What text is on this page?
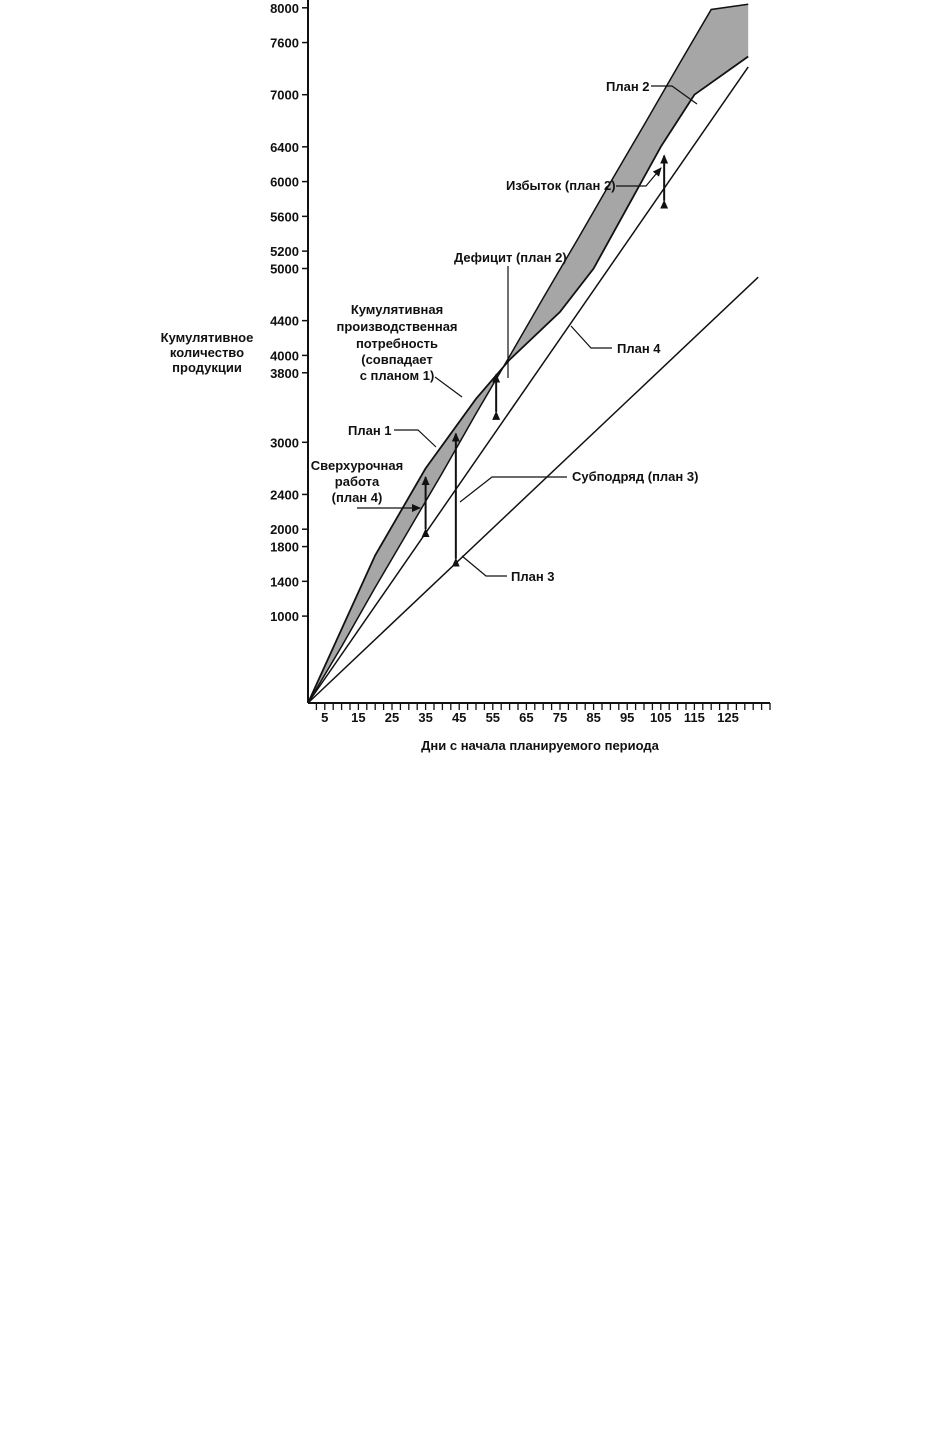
1000
1400
1800
2000
2400
3000
3800
4000
4400
5000
5200
5600
6000
6400
7000
7600
8000
5 15 25 35 45 55 65 75 85 95 105 115 125
Кумулятивное
количество
продукции
Дни с начала планируемого периода
План 2
Избыток (план 2)
Дефицит (план 2)
Кумулятивная
производственная
потребность
(совпадает
с планом 1)
План 4
План 1
Сверхурочная
работа
(план 4)
Субподряд (план 3)
План 3
